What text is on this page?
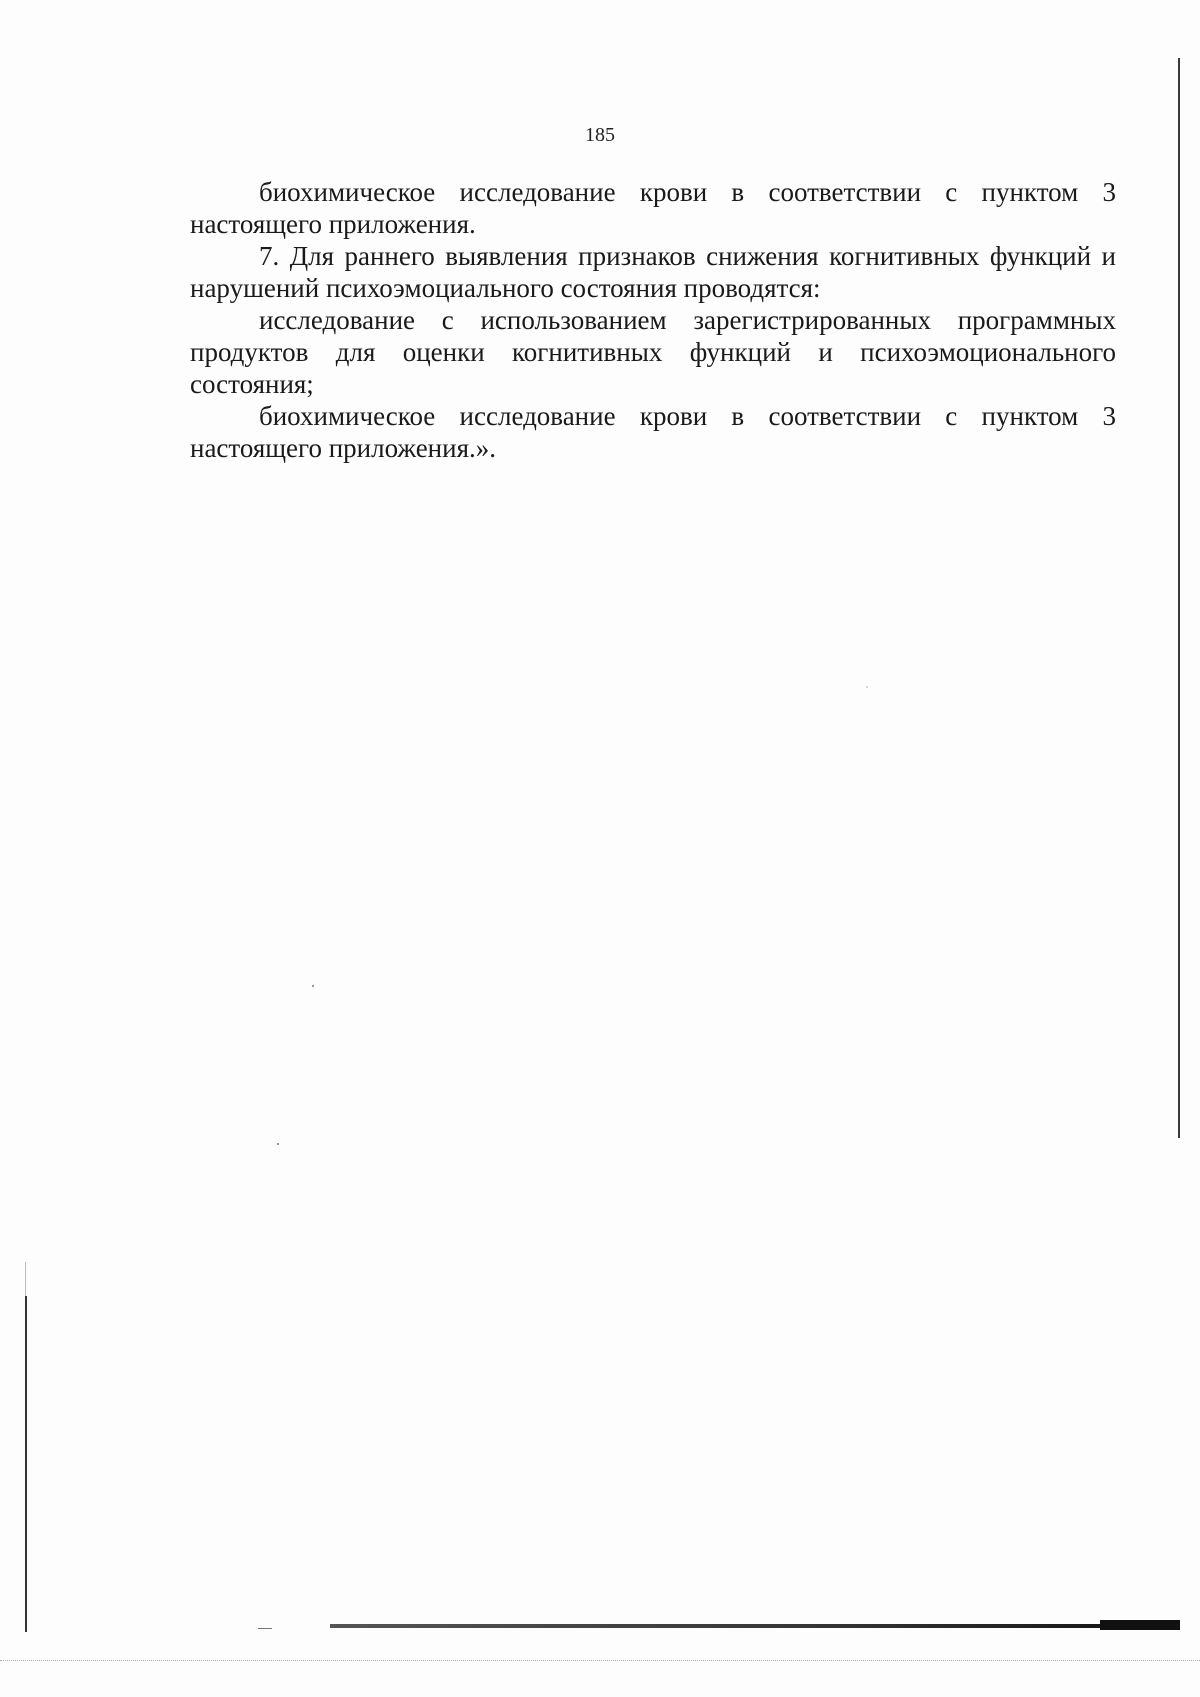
185

биохимическое исследование крови в соответствии с пунктом 3 настоящего приложения.

7. Для раннего выявления признаков снижения когнитивных функций и нарушений психоэмоциального состояния проводятся:

исследование с использованием зарегистрированных программных продуктов для оценки когнитивных функций и психоэмоционального состояния;

биохимическое исследование крови в соответствии с пунктом 3 настоящего приложения.».
